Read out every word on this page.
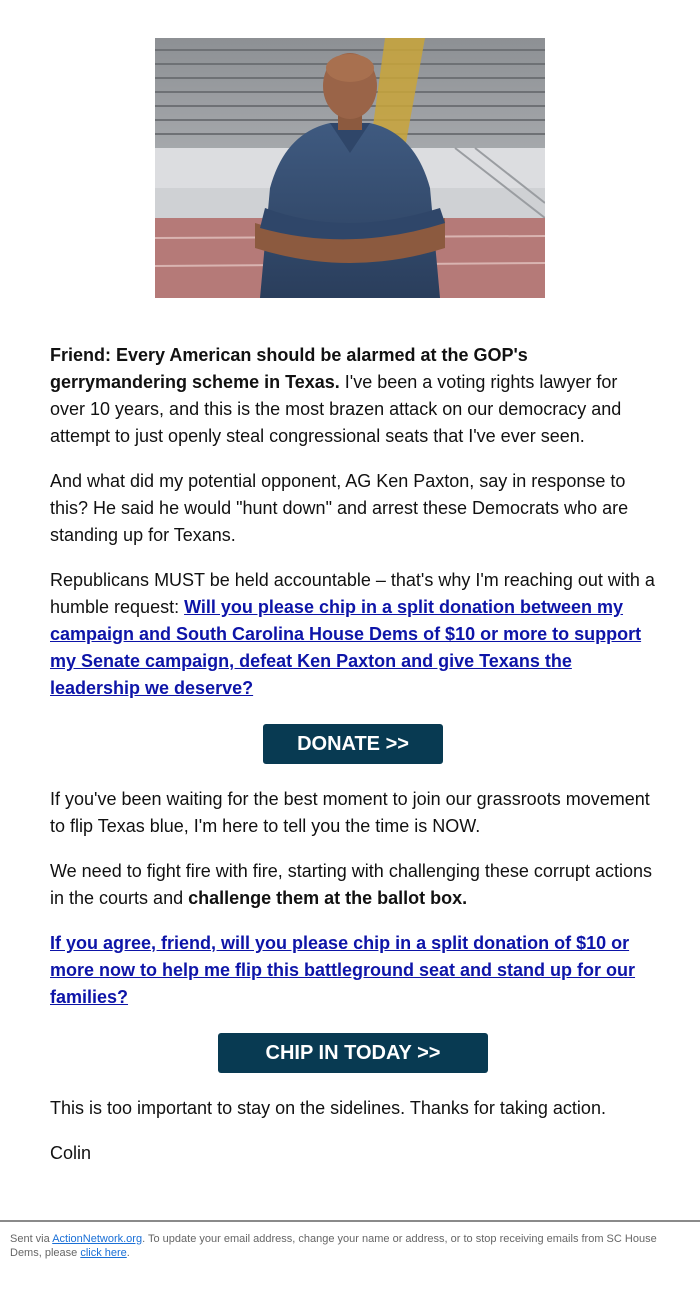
Friend: Every American should be alarmed at the GOP's gerrymandering scheme in Texas. I've been a voting rights lawyer for over 10 years, and this is the most brazen attack on our democracy and attempt to just openly steal congressional seats that I've ever seen.

And what did my potential opponent, AG Ken Paxton, say in response to this? He said he would "hunt down" and arrest these Democrats who are standing up for Texans.

Republicans MUST be held accountable – that's why I'm reaching out with a humble request: Will you please chip in a split donation between my campaign and South Carolina House Dems of $10 or more to support my Senate campaign, defeat Ken Paxton and give Texans the leadership we deserve?

DONATE >>

If you've been waiting for the best moment to join our grassroots movement to flip Texas blue, I'm here to tell you the time is NOW.

We need to fight fire with fire, starting with challenging these corrupt actions in the courts and challenge them at the ballot box.

If you agree, friend, will you please chip in a split donation of $10 or more now to help me flip this battleground seat and stand up for our families?

CHIP IN TODAY >>

This is too important to stay on the sidelines. Thanks for taking action.

Colin

Sent via ActionNetwork.org. To update your email address, change your name or address, or to stop receiving emails from SC House Dems, please click here.
